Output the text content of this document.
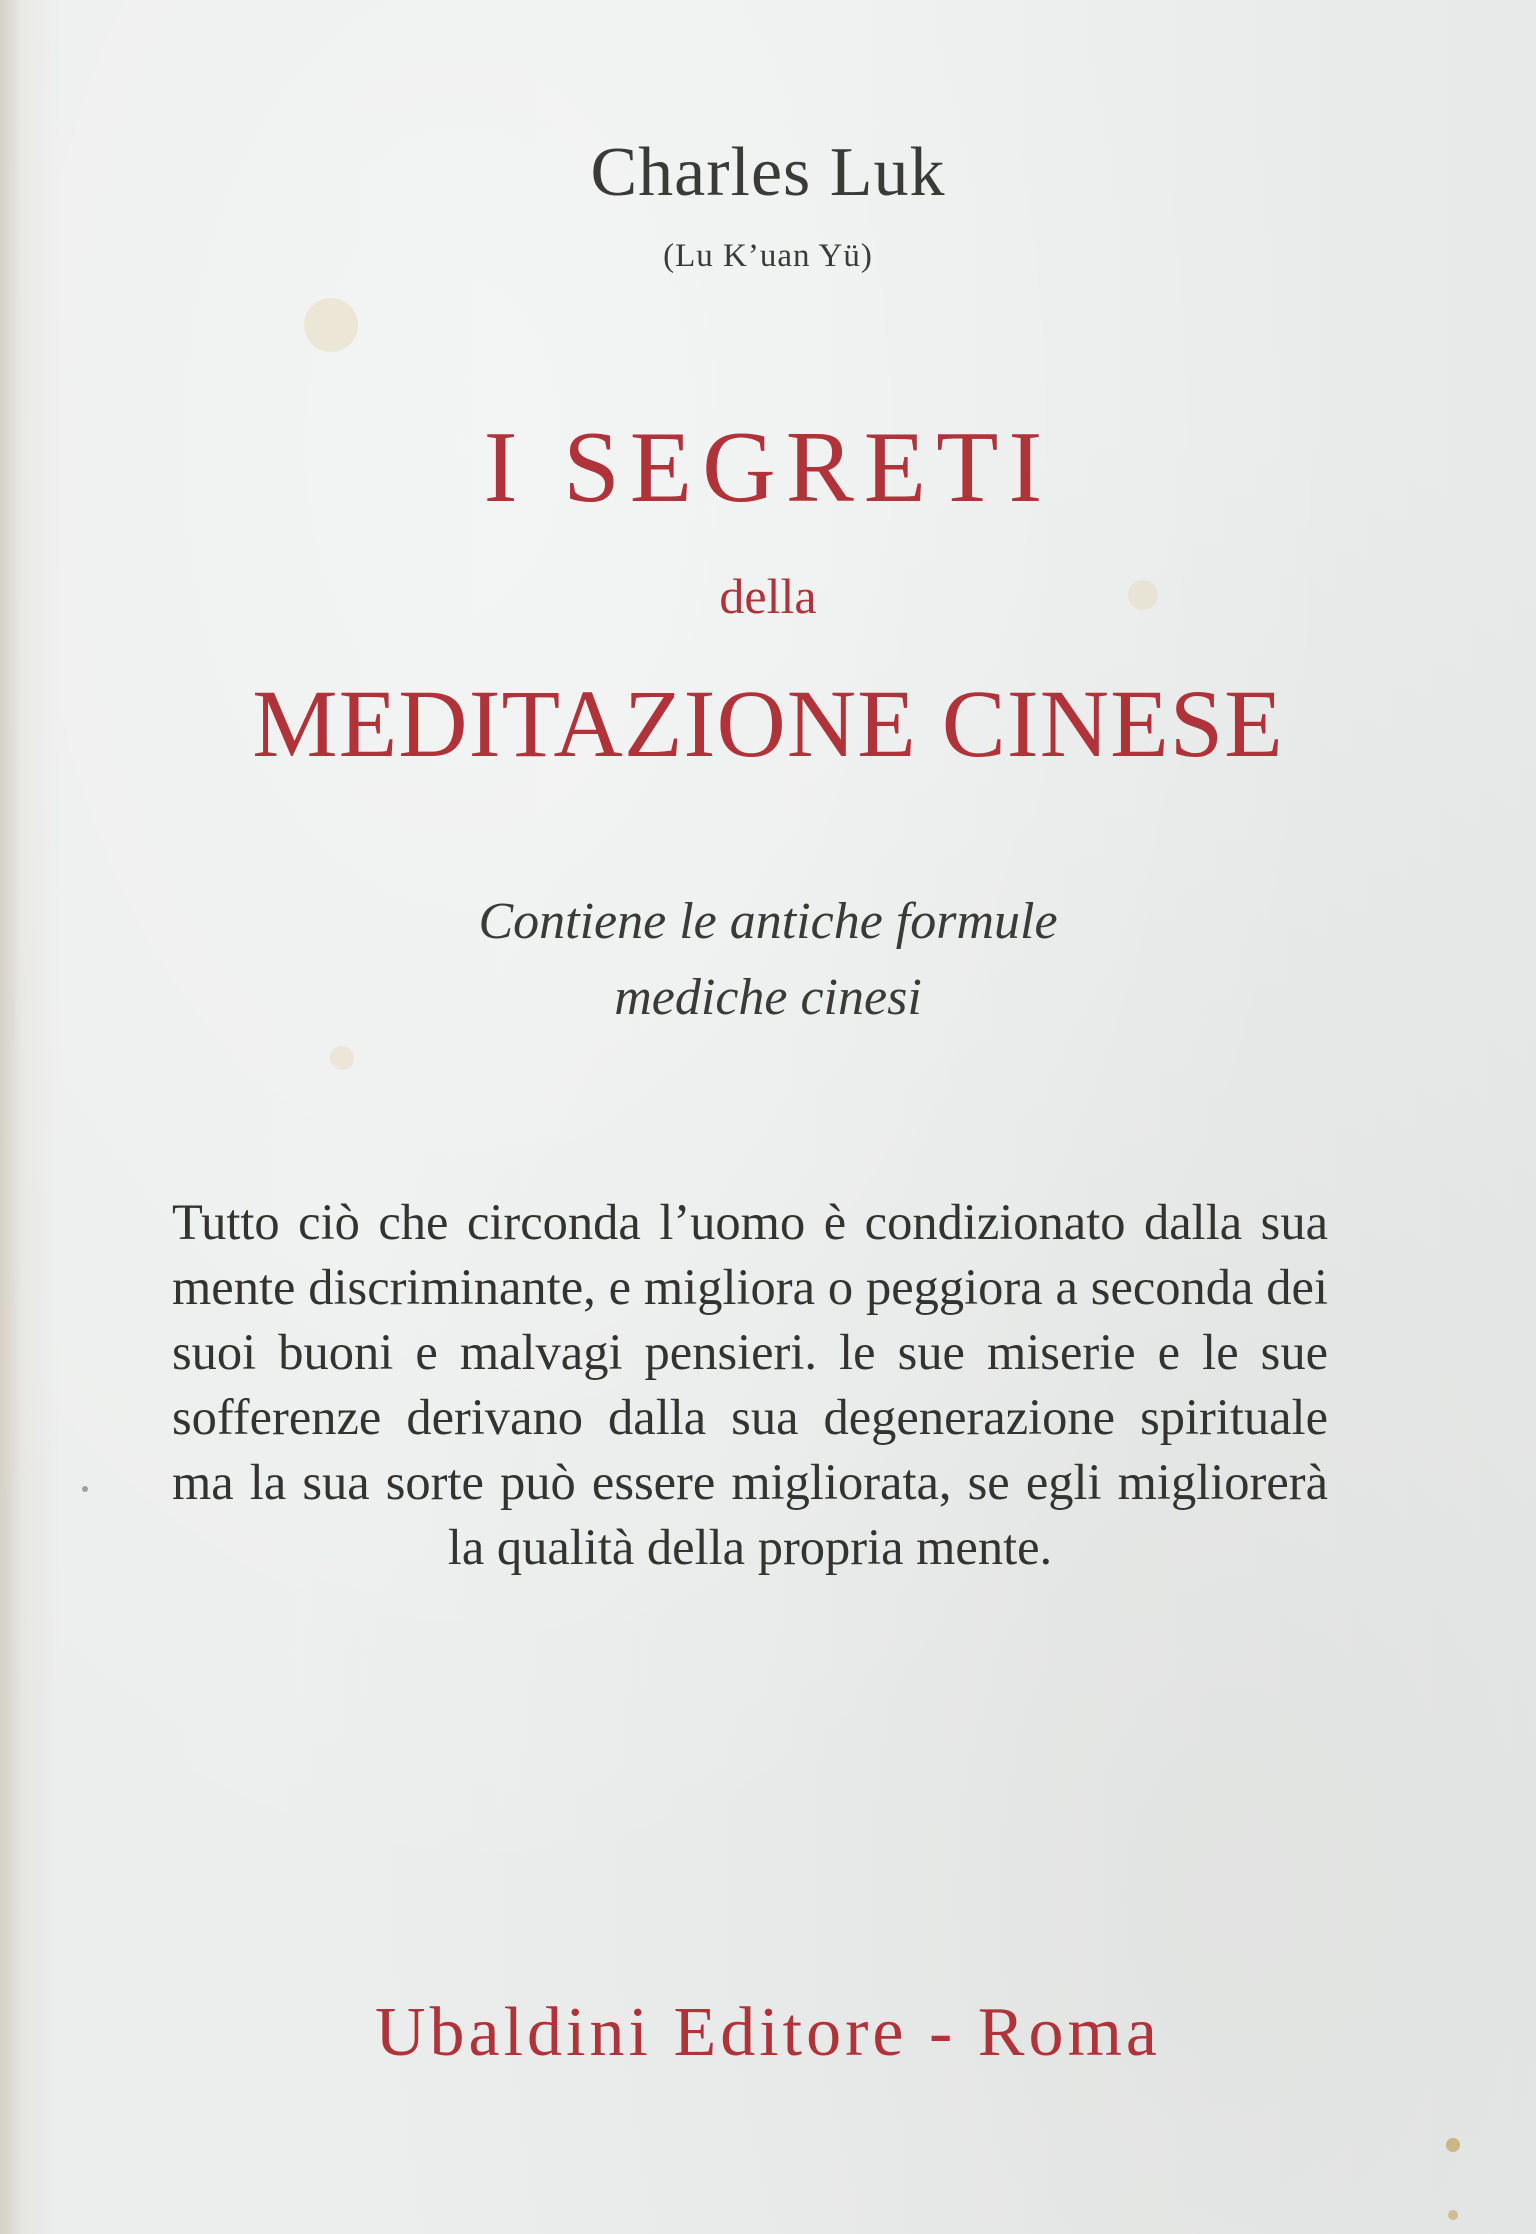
Charles Luk

(Lu K’uan Yü)

I SEGRETI

della

MEDITAZIONE CINESE

Contiene le antiche formule
mediche cinesi

Tutto ciò che circonda l’uomo è condizionato dalla sua mente discriminante, e migliora o peggiora a seconda dei suoi buoni e malvagi pensieri. le sue miserie e le sue sofferenze derivano dalla sua degenerazione spirituale ma la sua sorte può essere migliorata, se egli migliorerà la qualità della propria mente.

Ubaldini Editore - Roma
